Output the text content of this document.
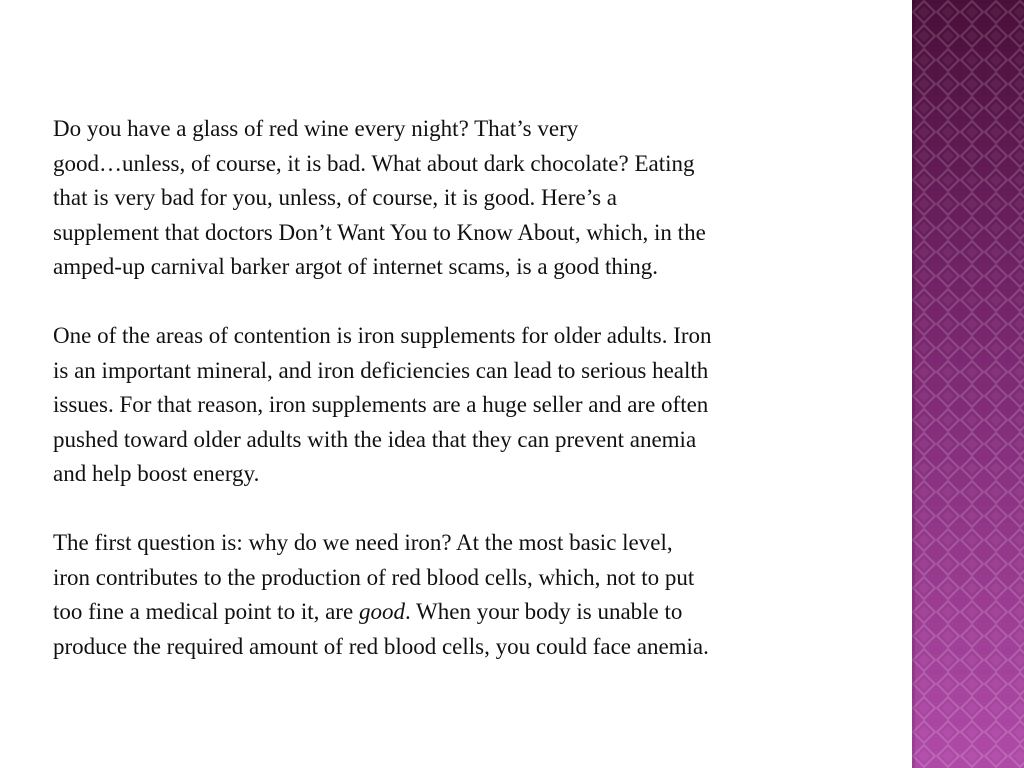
Do you have a glass of red wine every night? That’s very
good…unless, of course, it is bad. What about dark chocolate? Eating
that is very bad for you, unless, of course, it is good. Here’s a
supplement that doctors Don’t Want You to Know About, which, in the
amped-up carnival barker argot of internet scams, is a good thing.

One of the areas of contention is iron supplements for older adults. Iron
is an important mineral, and iron deficiencies can lead to serious health
issues. For that reason, iron supplements are a huge seller and are often
pushed toward older adults with the idea that they can prevent anemia
and help boost energy.

The first question is: why do we need iron? At the most basic level,
iron contributes to the production of red blood cells, which, not to put
too fine a medical point to it, are good. When your body is unable to
produce the required amount of red blood cells, you could face anemia.
